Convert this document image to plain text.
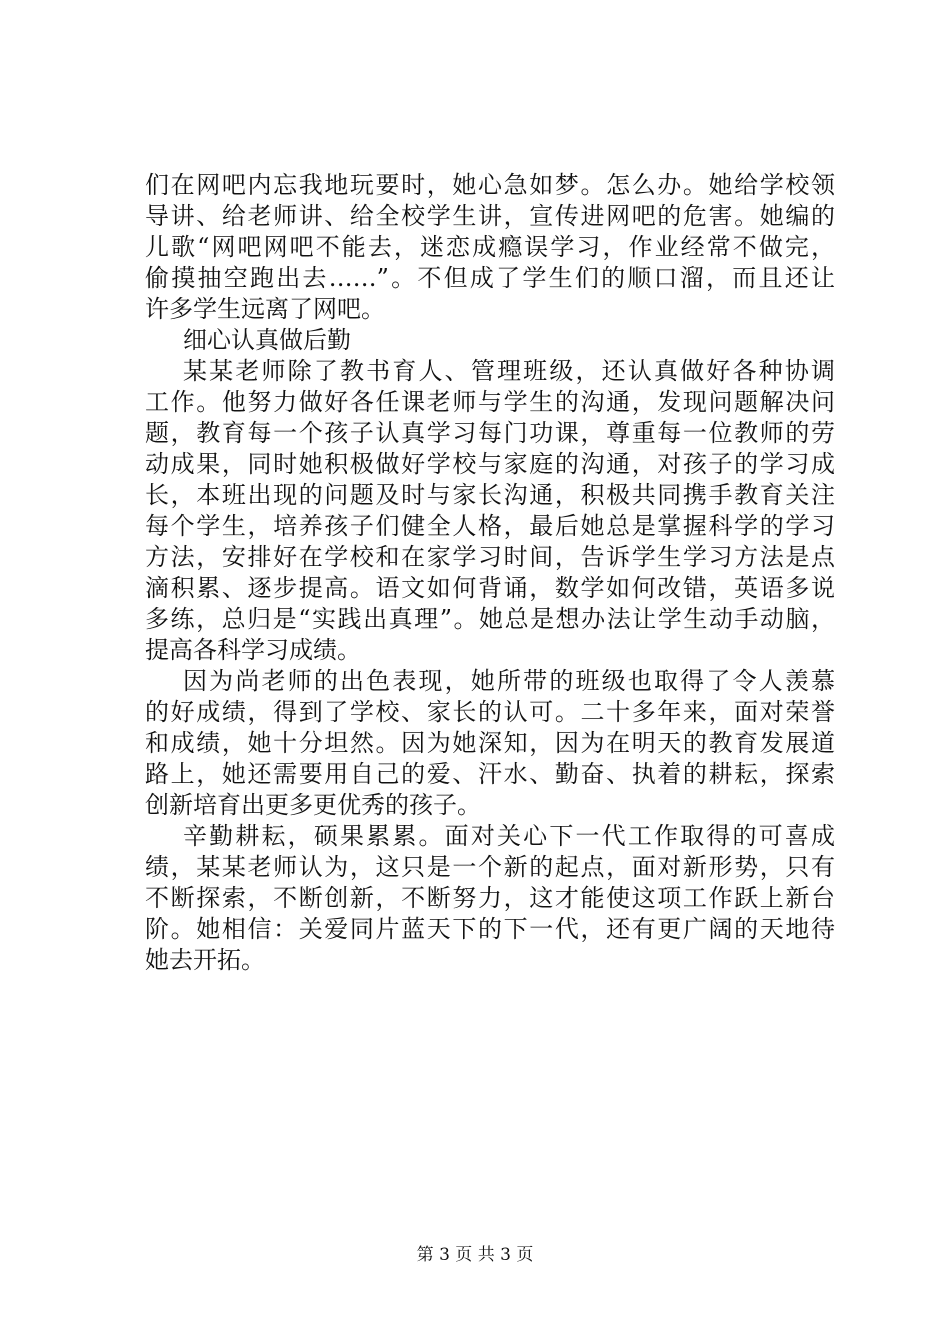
们在网吧内忘我地玩要时，她心急如梦。怎么办。她给学校领
导讲、给老师讲、给全校学生讲，宣传进网吧的危害。她编的
儿歌“网吧网吧不能去，迷恋成瘾误学习，作业经常不做完，
偷摸抽空跑出去……”。不但成了学生们的顺口溜，而且还让
许多学生远离了网吧。
细心认真做后勤
某某老师除了教书育人、管理班级，还认真做好各种协调
工作。他努力做好各任课老师与学生的沟通，发现问题解决问
题，教育每一个孩子认真学习每门功课，尊重每一位教师的劳
动成果，同时她积极做好学校与家庭的沟通，对孩子的学习成
长，本班出现的问题及时与家长沟通，积极共同携手教育关注
每个学生，培养孩子们健全人格，最后她总是掌握科学的学习
方法，安排好在学校和在家学习时间，告诉学生学习方法是点
滴积累、逐步提高。语文如何背诵，数学如何改错，英语多说
多练，总归是“实践出真理”。她总是想办法让学生动手动脑，
提高各科学习成绩。
因为尚老师的出色表现，她所带的班级也取得了令人羡慕
的好成绩，得到了学校、家长的认可。二十多年来，面对荣誉
和成绩，她十分坦然。因为她深知，因为在明天的教育发展道
路上，她还需要用自己的爱、汗水、勤奋、执着的耕耘，探索
创新培育出更多更优秀的孩子。
辛勤耕耘，硕果累累。面对关心下一代工作取得的可喜成
绩，某某老师认为，这只是一个新的起点，面对新形势，只有
不断探索，不断创新，不断努力，这才能使这项工作跃上新台
阶。她相信：关爱同片蓝天下的下一代，还有更广阔的天地待
她去开拓。
第 3 页 共 3 页
